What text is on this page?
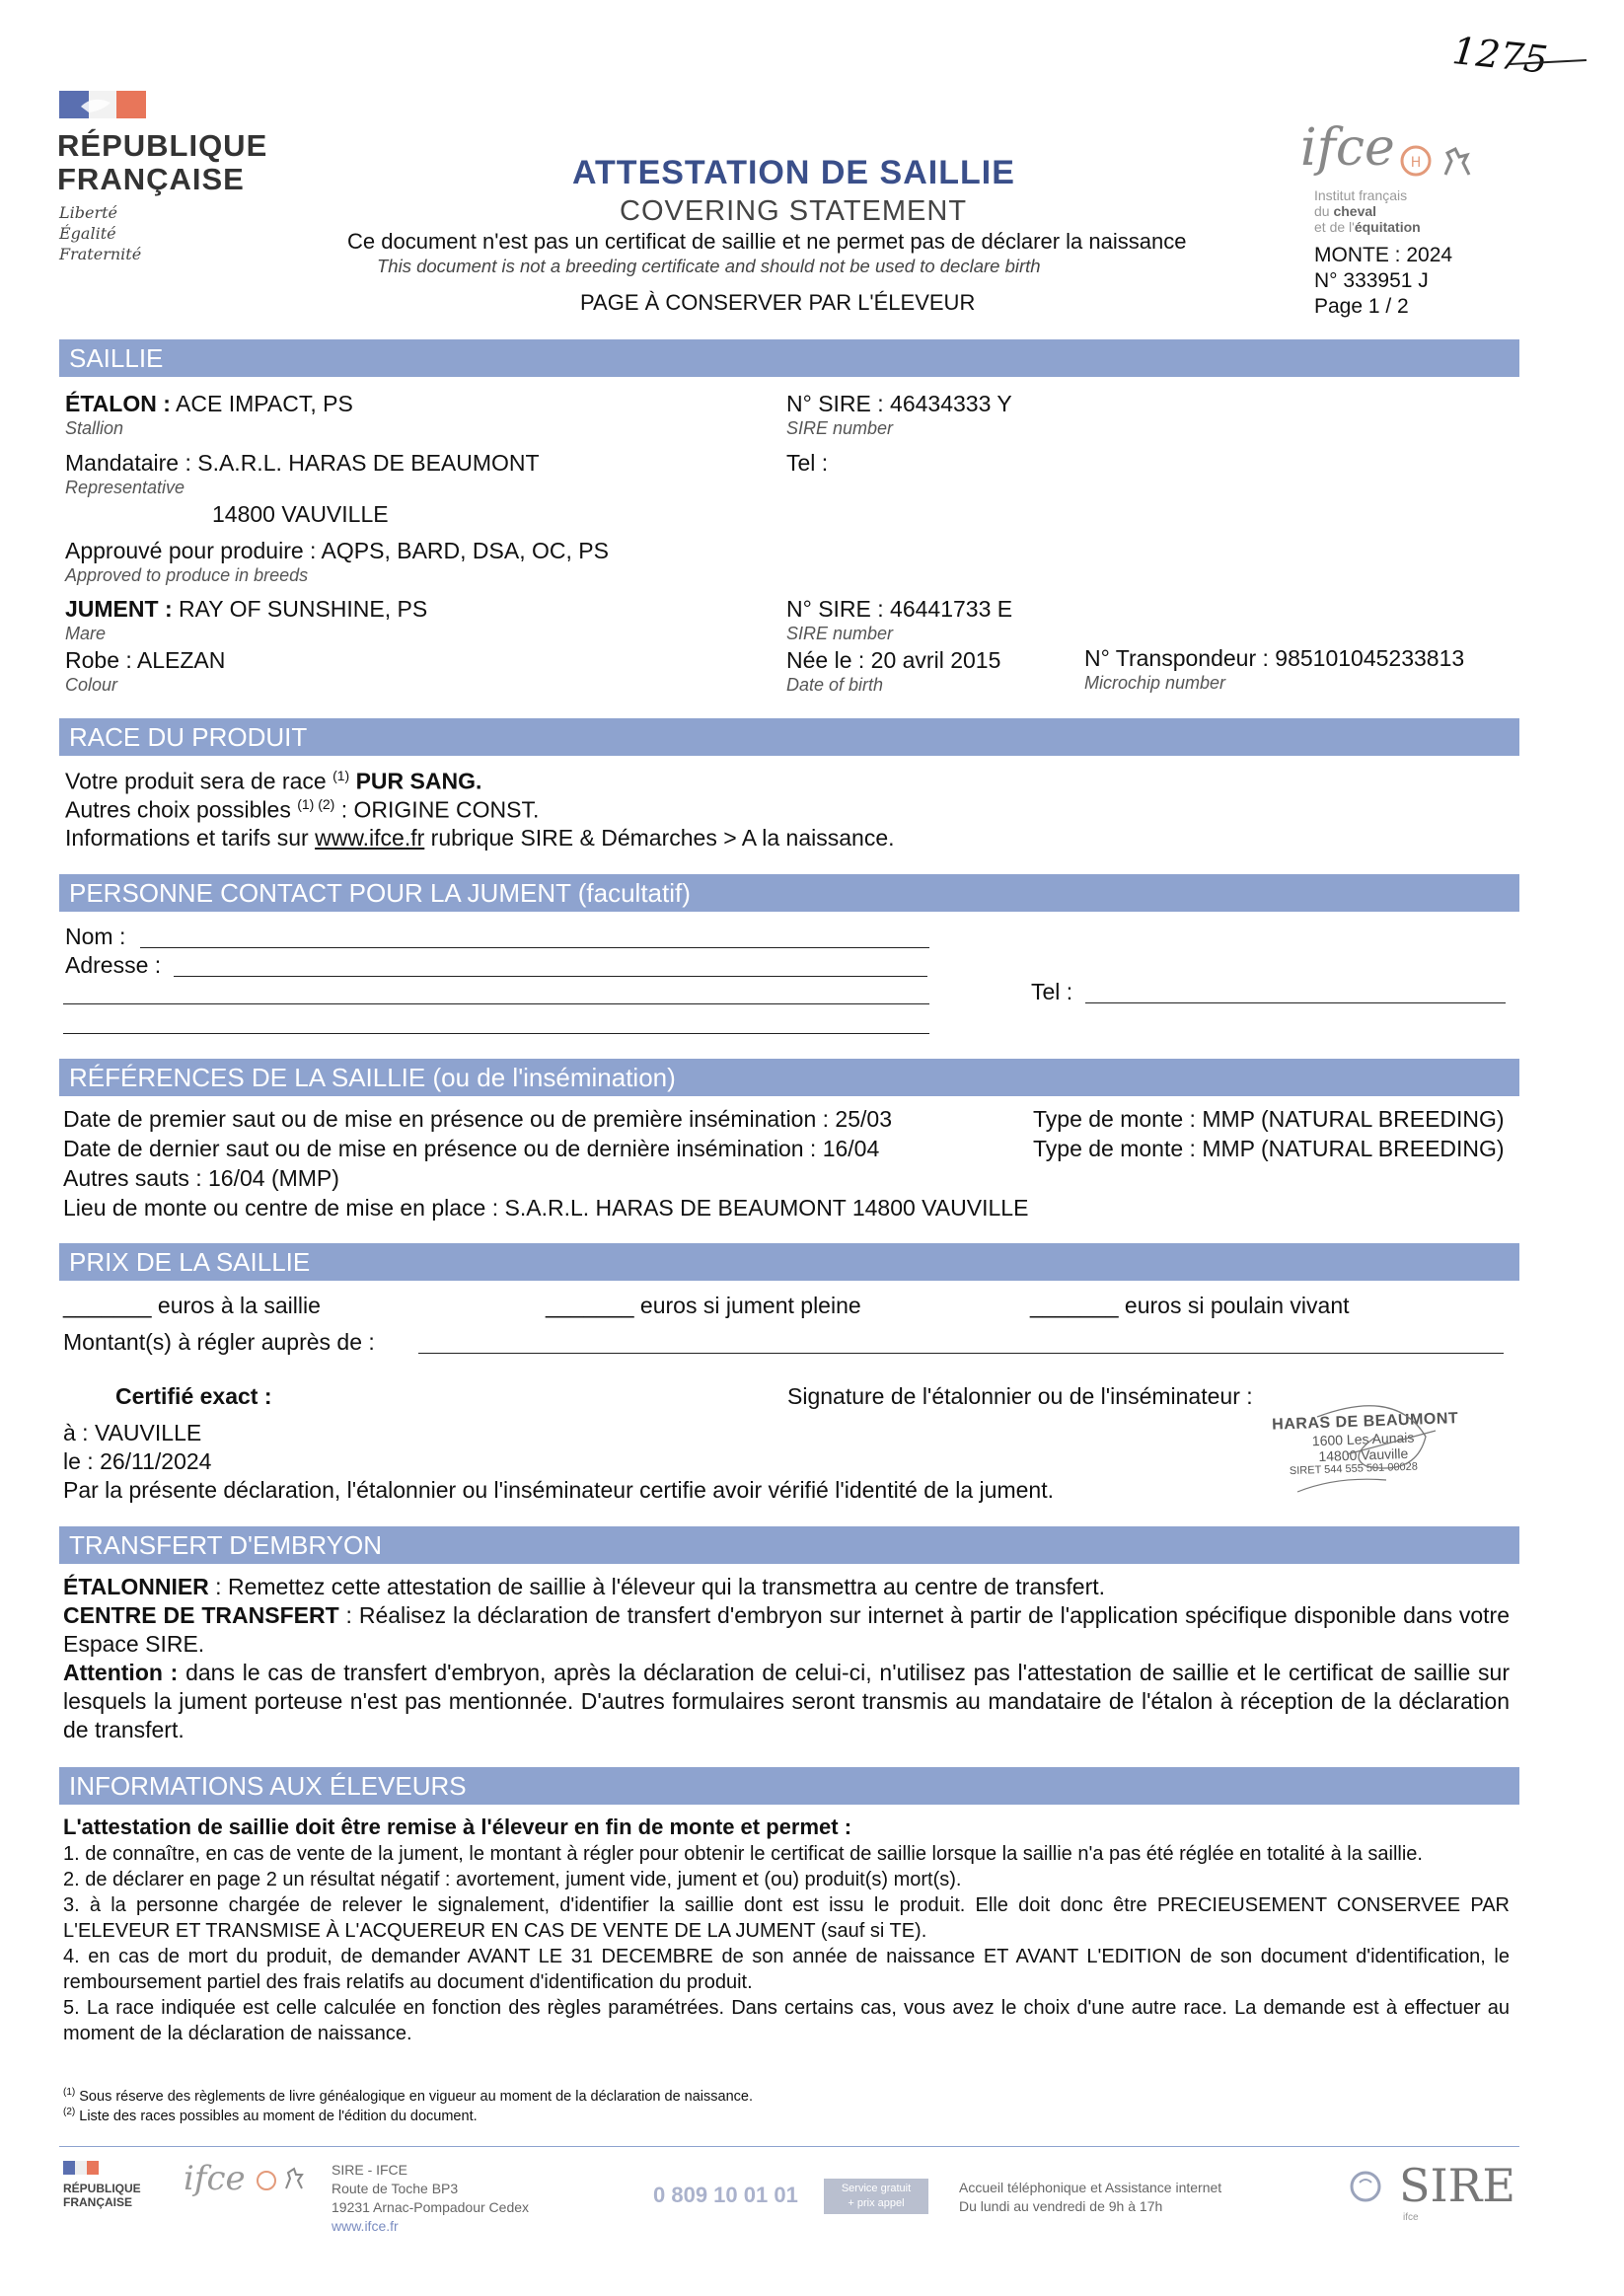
1275
RÉPUBLIQUE
FRANÇAISE
Liberté
Égalité
Fraternité
ATTESTATION DE SAILLIE
COVERING STATEMENT
Ce document n'est pas un certificat de saillie et ne permet pas de déclarer la naissance
This document is not a breeding certificate and should not be used to declare birth
PAGE À CONSERVER PAR L'ÉLEVEUR
ifce H

Institut français
du cheval
et de l'équitation
MONTE : 2024
N° 333951 J
Page 1 / 2
SAILLIE
ÉTALON : ACE IMPACT, PS
Stallion
N° SIRE : 46434333 Y
SIRE number
Mandataire : S.A.R.L. HARAS DE BEAUMONT
Representative
Tel :
14800 VAUVILLE
Approuvé pour produire : AQPS, BARD, DSA, OC, PS
Approved to produce in breeds
JUMENT : RAY OF SUNSHINE, PS
Mare
N° SIRE : 46441733 E
SIRE number
Robe : ALEZAN
Colour
Née le : 20 avril 2015
Date of birth
N° Transpondeur : 985101045233813
Microchip number
RACE DU PRODUIT
Votre produit sera de race $^{(1)}$ PUR SANG.
Autres choix possibles $^{(1) (2)}$ : ORIGINE CONST.
Informations et tarifs sur www.ifce.fr rubrique SIRE & Démarches > A la naissance.
PERSONNE CONTACT POUR LA JUMENT (facultatif)
Nom :
Adresse :
Tel :
RÉFÉRENCES DE LA SAILLIE (ou de l'insémination)
Date de premier saut ou de mise en présence ou de première insémination : 25/03	Type de monte : MMP (NATURAL BREEDING)
Date de dernier saut ou de mise en présence ou de dernière insémination : 16/04	Type de monte : MMP (NATURAL BREEDING)
Autres sauts : 16/04 (MMP)
Lieu de monte ou centre de mise en place : S.A.R.L. HARAS DE BEAUMONT 14800 VAUVILLE
PRIX DE LA SAILLIE
_______ euros à la saillie	_______ euros si jument pleine	_______ euros si poulain vivant
Montant(s) à régler auprès de :
Certifié exact :	Signature de l'étalonnier ou de l'inséminateur :
à : VAUVILLE
le : 26/11/2024
Par la présente déclaration, l'étalonnier ou l'inséminateur certifie avoir vérifié l'identité de la jument.
HARAS DE BEAUMONT
1600 Les Aunais
14800 Vauville
SIRET 544 555 501 00028
TRANSFERT D'EMBRYON

ÉTALONNIER : Remettez cette attestation de saillie à l'éleveur qui la transmettra au centre de transfert.

CENTRE DE TRANSFERT : Réalisez la déclaration de transfert d'embryon sur internet à partir de l'application spécifique disponible dans votre Espace SIRE.

Attention : dans le cas de transfert d'embryon, après la déclaration de celui-ci, n'utilisez pas l'attestation de saillie et le certificat de saillie sur lesquels la jument porteuse n'est pas mentionnée. D'autres formulaires seront transmis au mandataire de l'étalon à réception de la déclaration de transfert.

INFORMATIONS AUX ÉLEVEURS
L'attestation de saillie doit être remise à l'éleveur en fin de monte et permet :

1. de connaître, en cas de vente de la jument, le montant à régler pour obtenir le certificat de saillie lorsque la saillie n'a pas été réglée en totalité à la saillie.

2. de déclarer en page 2 un résultat négatif : avortement, jument vide, jument et (ou) produit(s) mort(s).

3. à la personne chargée de relever le signalement, d'identifier la saillie dont est issu le produit. Elle doit donc être PRECIEUSEMENT CONSERVEE PAR L'ELEVEUR ET TRANSMISE À L'ACQUEREUR EN CAS DE VENTE DE LA JUMENT (sauf si TE).

4. en cas de mort du produit, de demander AVANT LE 31 DECEMBRE de son année de naissance ET AVANT L'EDITION de son document d'identification, le remboursement partiel des frais relatifs au document d'identification du produit.

5. La race indiquée est celle calculée en fonction des règles paramétrées. Dans certains cas, vous avez le choix d'une autre race. La demande est à effectuer au moment de la déclaration de naissance.

$^{(1)}$ Sous réserve des règlements de livre généalogique en vigueur au moment de la déclaration de naissance.
$^{(2)}$ Liste des races possibles au moment de l'édition du document.
RÉPUBLIQUE
FRANÇAISE
ifce	SIRE - IFCE
Route de Toche BP3
19231 Arnac-Pompadour Cedex
www.ifce.fr
0 809 10 01 01	Service gratuit
+ prix appel
Accueil téléphonique et Assistance internet
Du lundi au vendredi de 9h à 17h	SIRE
ifce
